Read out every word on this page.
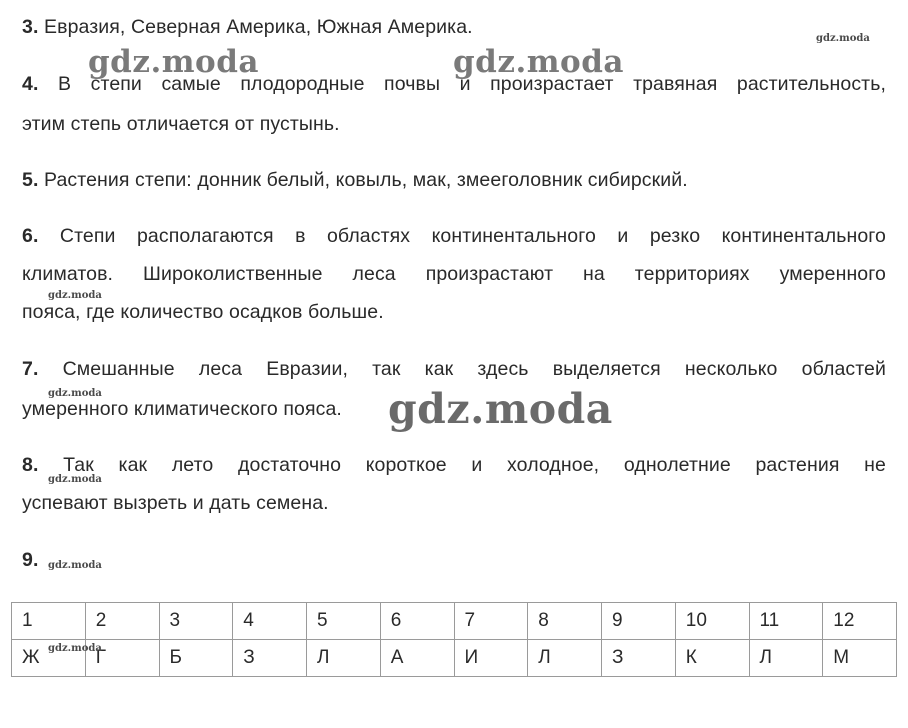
3. Евразия, Северная Америка, Южная Америка.
4. В степи самые плодородные почвы и произрастает травяная растительность,
этим степь отличается от пустынь.
5. Растения степи: донник белый, ковыль, мак, змееголовник сибирский.
6. Степи располагаются в областях континентального и резко континентального
климатов. Широколиственные леса произрастают на территориях умеренного
пояса, где количество осадков больше.
7. Смешанные леса Евразии, так как здесь выделяется несколько областей
умеренного климатического пояса.
8. Так как лето достаточно короткое и холодное, однолетние растения не
успевают вызреть и дать семена.
9.
1	2	3	4	5	6	7	8	9	10	11	12
Ж	Г	Б	З	Л	А	И	Л	З	К	Л	М
gdz.moda	gdz.moda
gdz.moda
gdz.moda
gdz.moda	gdz.moda
gdz.moda
gdz.moda
gdz.moda
